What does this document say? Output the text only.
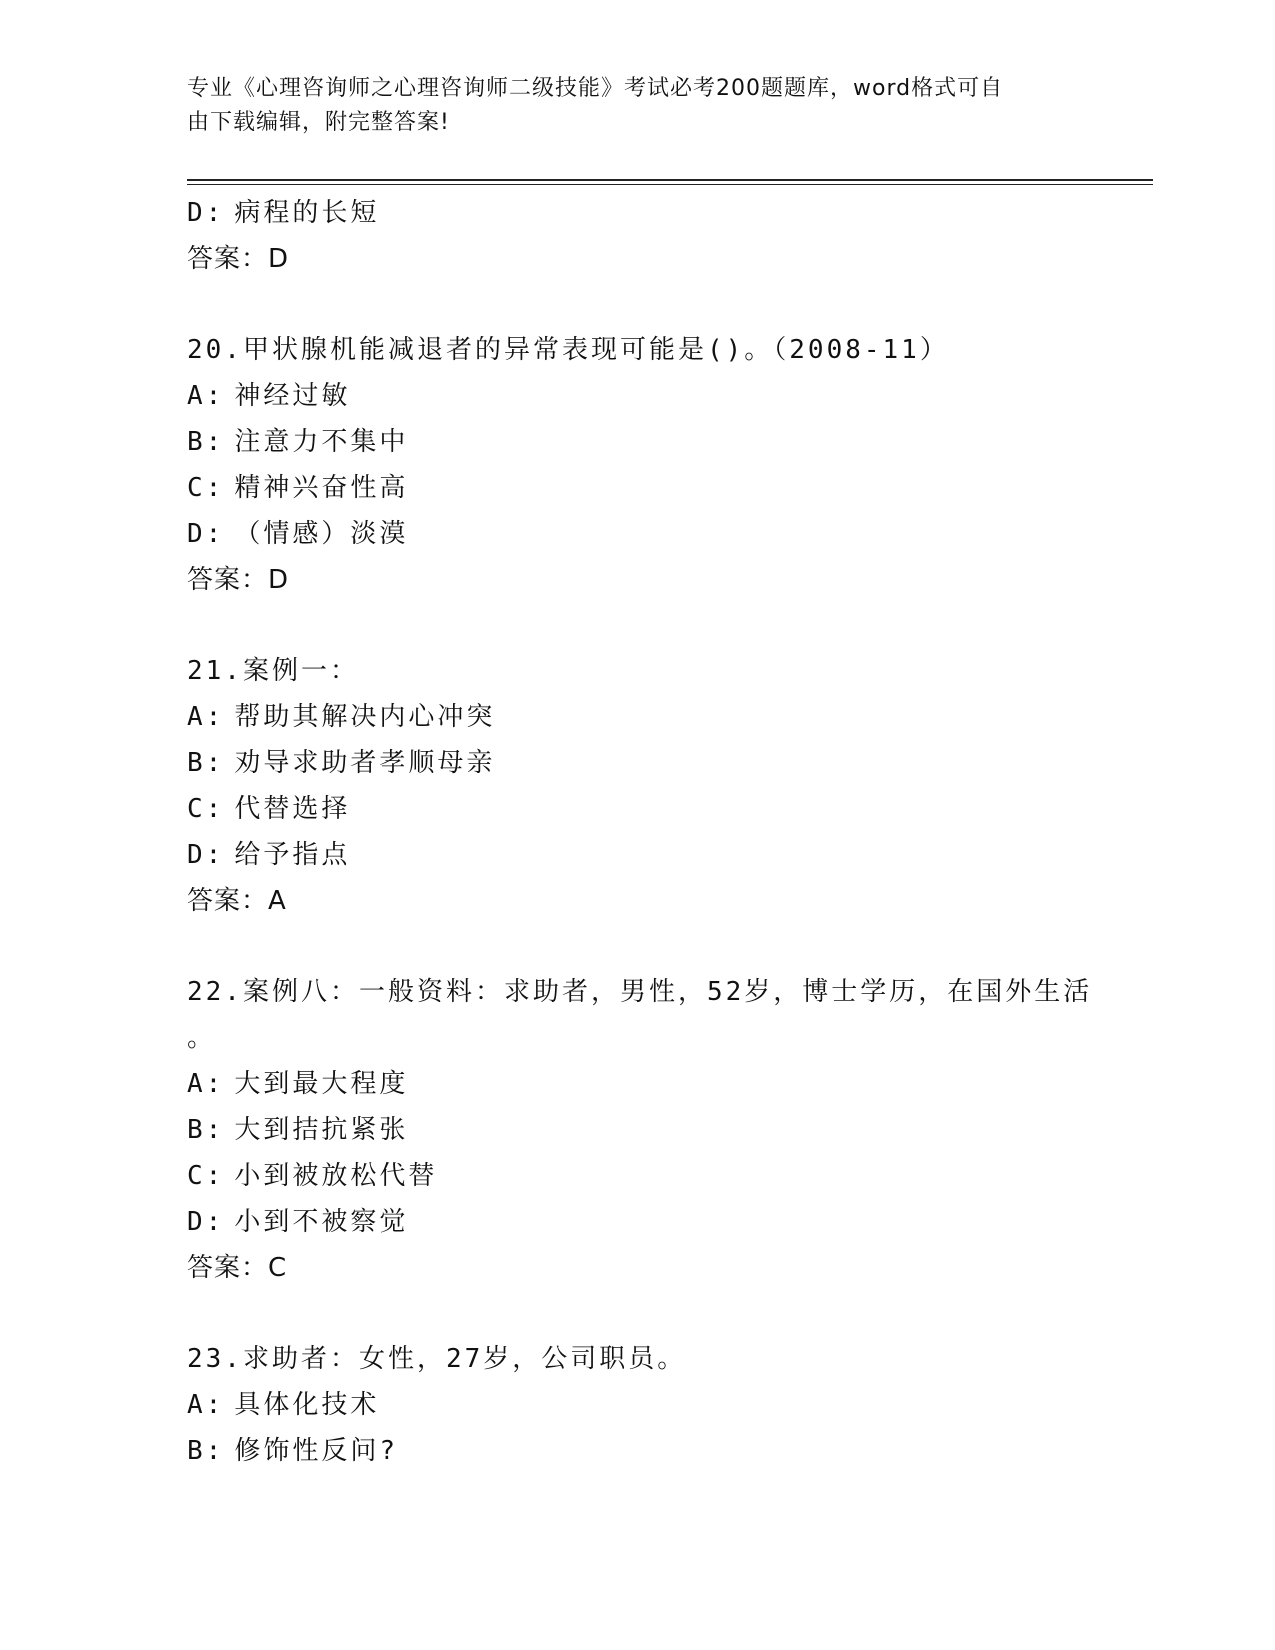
专业《心理咨询师之心理咨询师二级技能》考试必考200题题库，word格式可自
由下载编辑，附完整答案!
D: 病程的长短
答案：D
20.甲状腺机能减退者的异常表现可能是()。（2008-11）
A: 神经过敏
B: 注意力不集中
C: 精神兴奋性高
D: （情感）淡漠
答案：D
21.案例一：
A: 帮助其解决内心冲突
B: 劝导求助者孝顺母亲
C: 代替选择
D: 给予指点
答案：A
22.案例八：一般资料：求助者，男性，52岁，博士学历，在国外生活
。
A: 大到最大程度
B: 大到拮抗紧张
C: 小到被放松代替
D: 小到不被察觉
答案：C
23.求助者：女性，27岁，公司职员。
A: 具体化技术
B: 修饰性反问?
